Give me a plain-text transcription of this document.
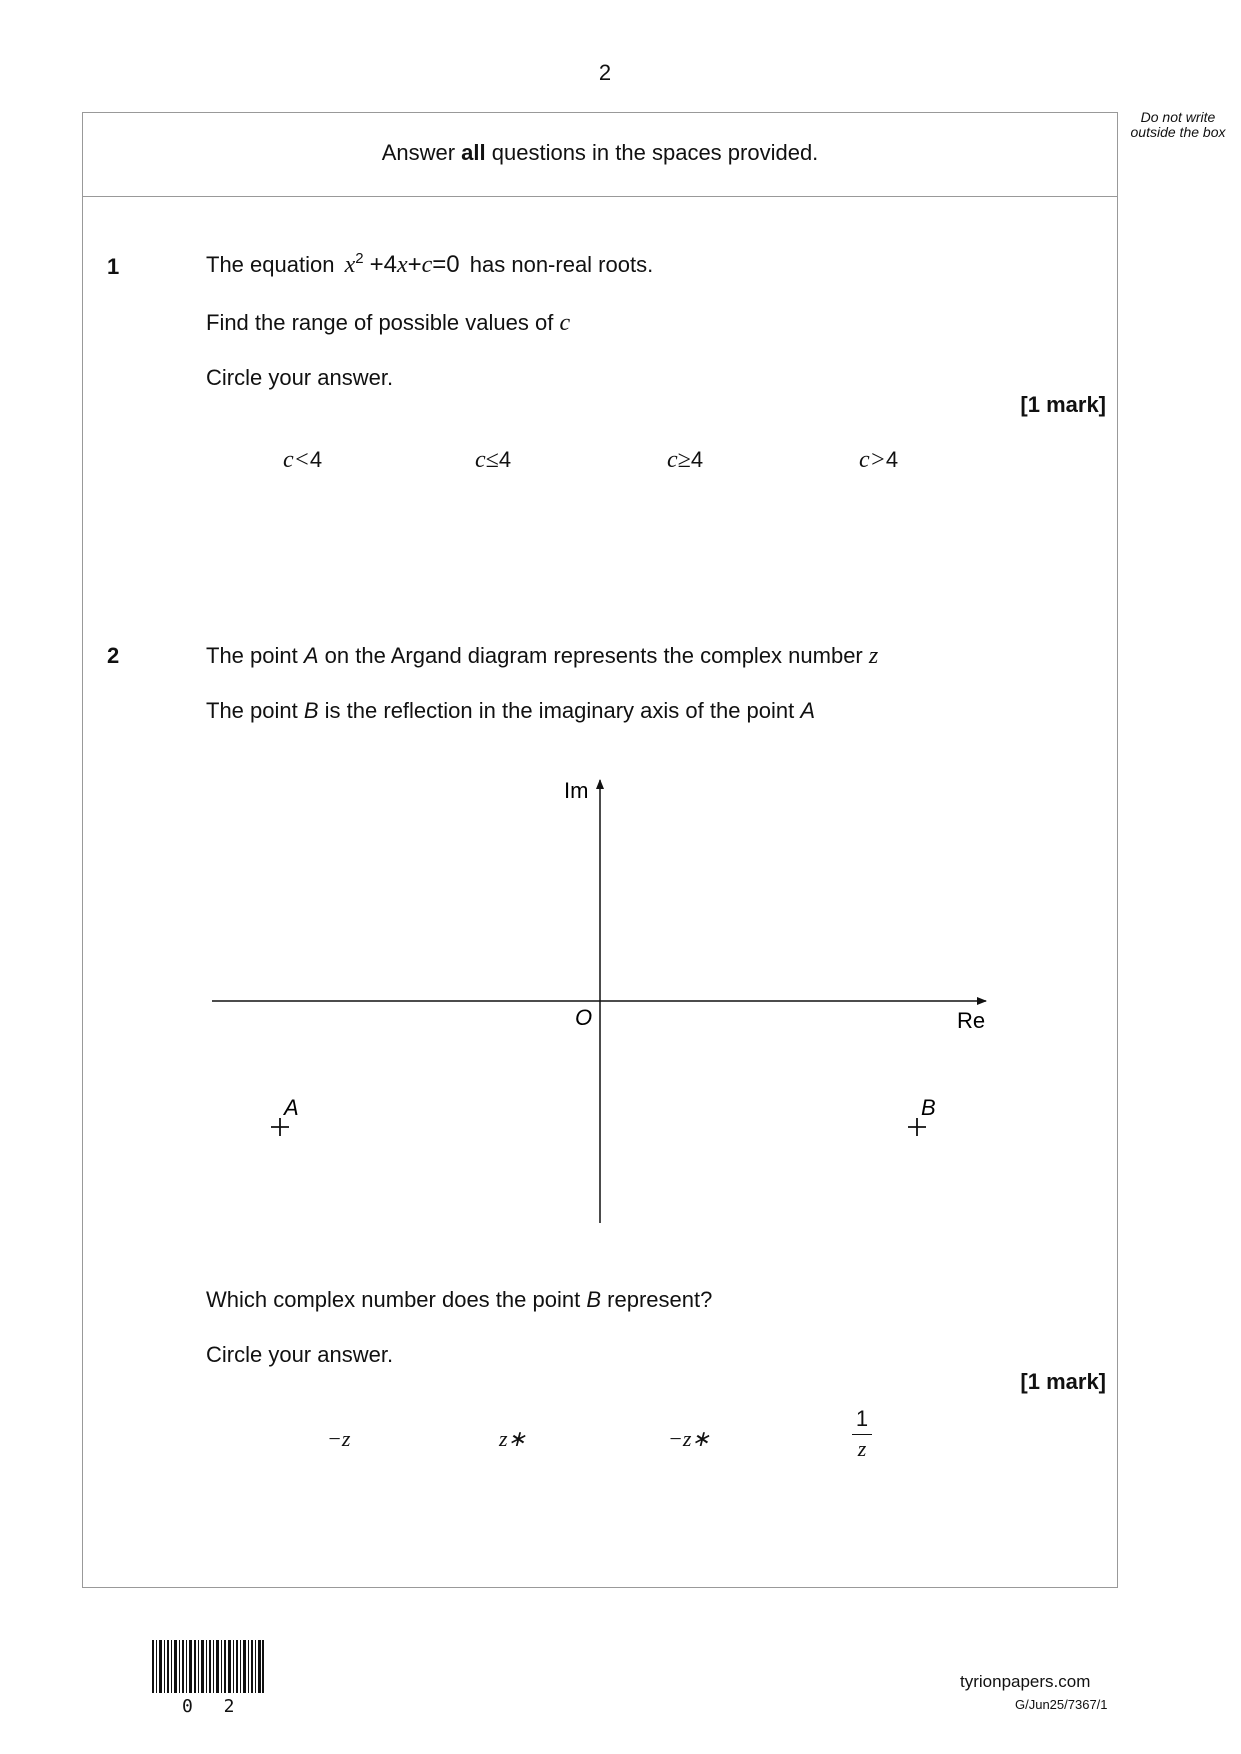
2
Do not write outside the box
Answer all questions in the spaces provided.
1	The equation $x^2 +4x+c=0$ has non-real roots.
Find the range of possible values of c
Circle your answer.
[1 mark]
c<4	c≤4	c≥4	c>4
2	The point A on the Argand diagram represents the complex number z
The point B is the reflection in the imaginary axis of the point A
Im
Re
O
A	B
Which complex number does the point B represent?
Circle your answer.
[1 mark]
−z	z∗	−z∗
1
z
0 2
tyrionpapers.com
G/Jun25/7367/1
